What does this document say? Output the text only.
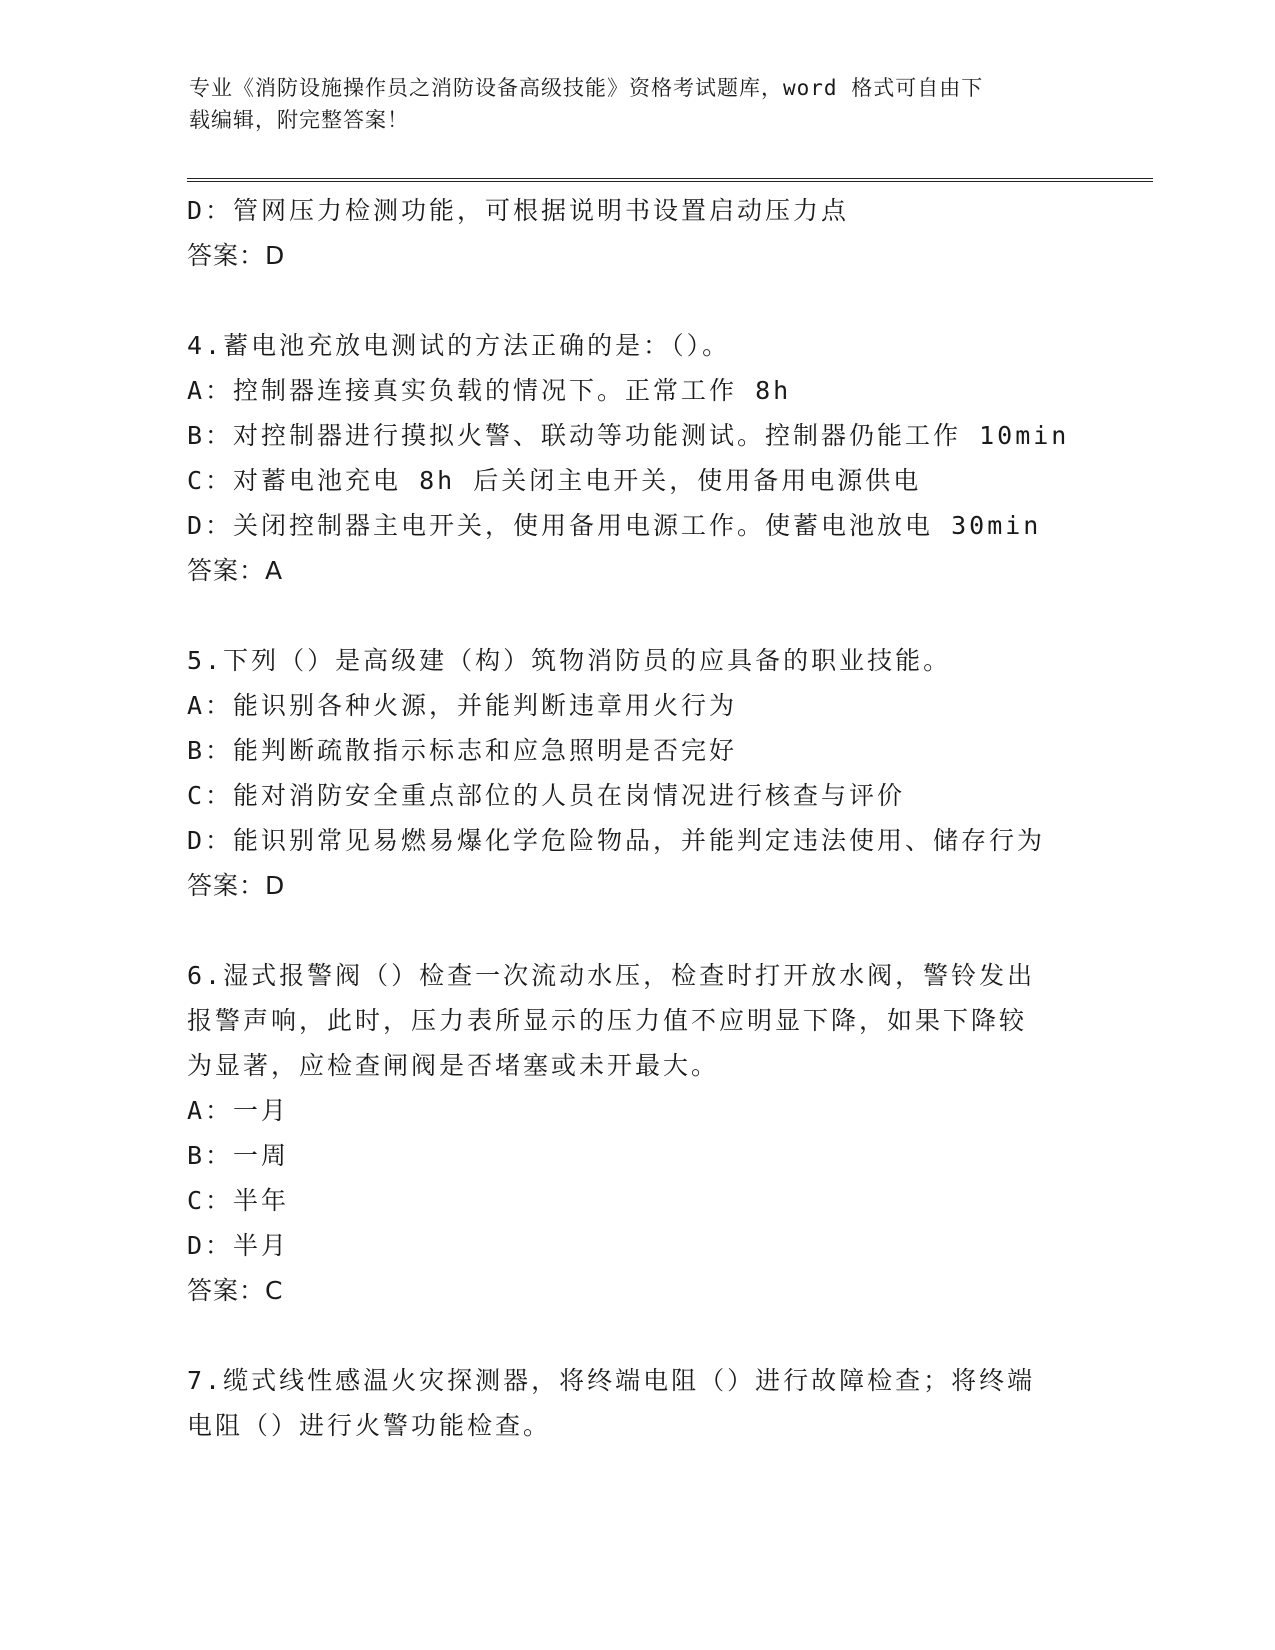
专业《消防设施操作员之消防设备高级技能》资格考试题库，word 格式可自由下
载编辑，附完整答案！
D：管网压力检测功能，可根据说明书设置启动压力点
答案：D
4.蓄电池充放电测试的方法正确的是：（）。
A：控制器连接真实负载的情况下。正常工作 8h
B：对控制器进行摸拟火警、联动等功能测试。控制器仍能工作 10min
C：对蓄电池充电 8h 后关闭主电开关，使用备用电源供电
D：关闭控制器主电开关，使用备用电源工作。使蓄电池放电 30min
答案：A
5.下列（）是高级建（构）筑物消防员的应具备的职业技能。
A：能识别各种火源，并能判断违章用火行为
B：能判断疏散指示标志和应急照明是否完好
C：能对消防安全重点部位的人员在岗情况进行核查与评价
D：能识别常见易燃易爆化学危险物品，并能判定违法使用、储存行为
答案：D
6.湿式报警阀（）检查一次流动水压，检查时打开放水阀，警铃发出
报警声响，此时，压力表所显示的压力值不应明显下降，如果下降较
为显著，应检查闸阀是否堵塞或未开最大。
A：一月
B：一周
C：半年
D：半月
答案：C
7.缆式线性感温火灾探测器，将终端电阻（）进行故障检查；将终端
电阻（）进行火警功能检查。
